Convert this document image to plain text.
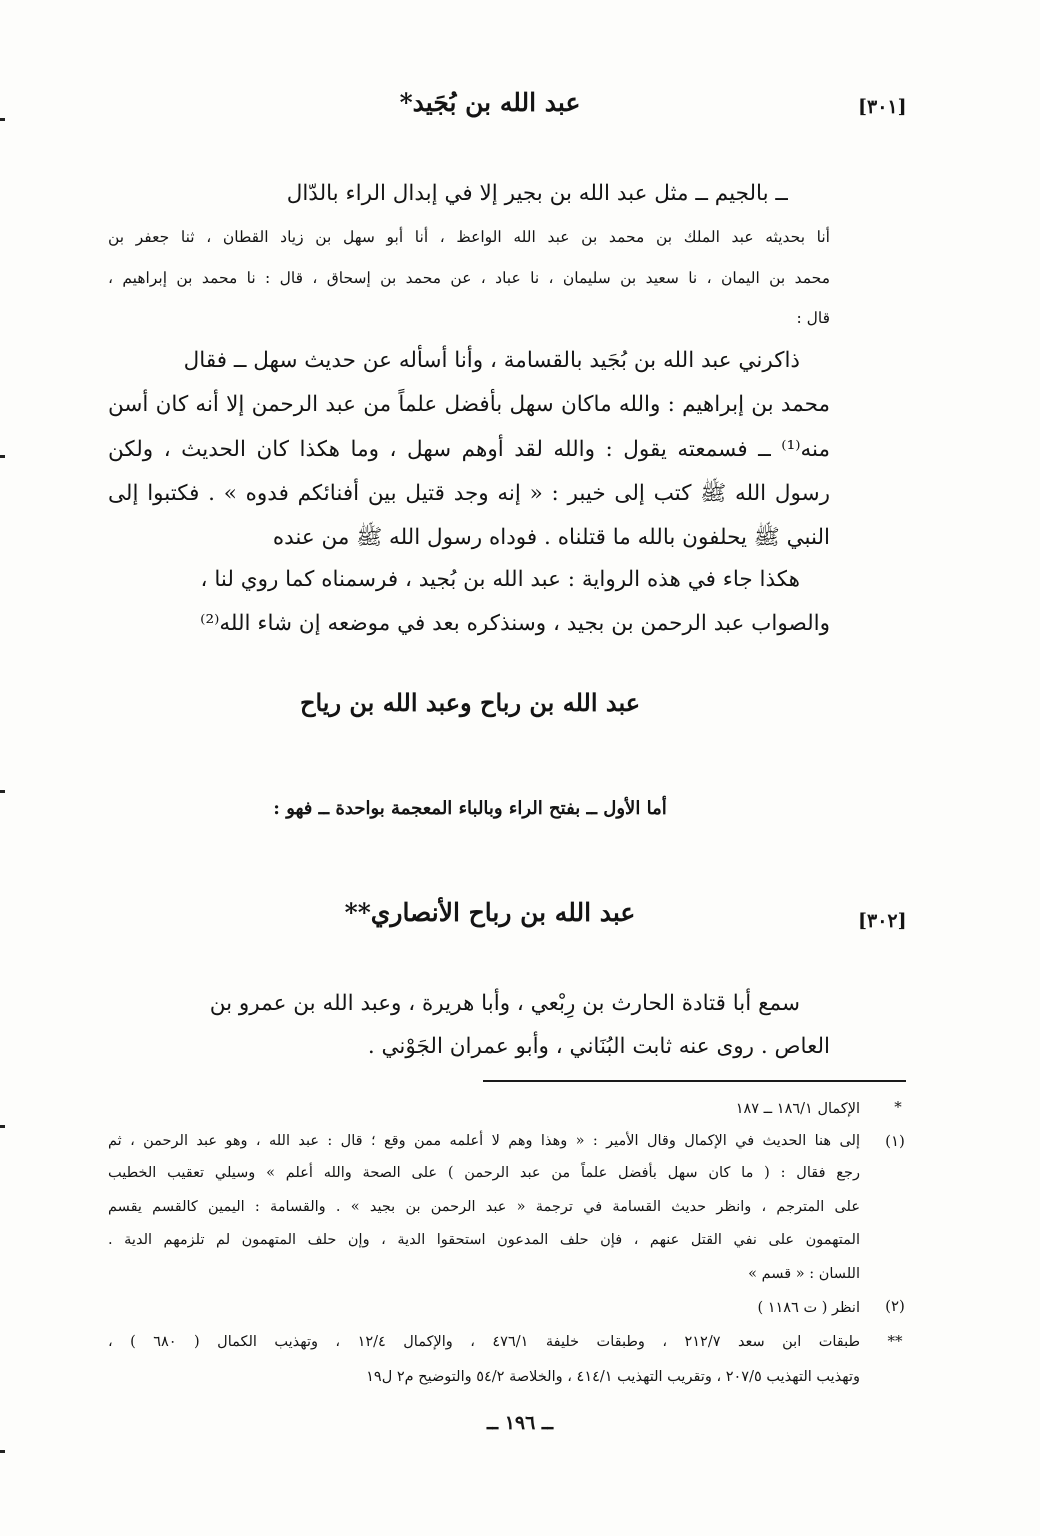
[٣٠١]
عبد الله بن بُجَيد*
ــ بالجيم ــ مثل عبد الله بن بجير إلا في إبدال الراء بالدّال
أنا بحديثه عبد الملك بن محمد بن عبد الله الواعظ ، أنا أبو سهل بن زياد القطان ، ثنا جعفر بن
محمد بن اليمان ، نا سعيد بن سليمان ، نا عباد ، عن محمد بن إسحاق ، قال : نا محمد بن إبراهيم ،
قال :
ذاكرني عبد الله بن بُجَيد بالقسامة ، وأنا أسأله عن حديث سهل ــ فقال
محمد بن إبراهيم : والله ماكان سهل بأفضل علماً من عبد الرحمن إلا أنه كان أسن
منه⁽¹⁾ ــ فسمعته يقول : والله لقد أوهم سهل ، وما هكذا كان الحديث ، ولكن
رسول الله ﷺ كتب إلى خيبر : « إنه وجد قتيل بين أفنائكم فدوه » . فكتبوا إلى
النبي ﷺ يحلفون بالله ما قتلناه . فوداه رسول الله ﷺ من عنده
هكذا جاء في هذه الرواية : عبد الله بن بُجيد ، فرسمناه كما روي لنا ،
والصواب عبد الرحمن بن بجيد ، وسنذكره بعد في موضعه إن شاء الله⁽²⁾
عبد الله بن رباح وعبد الله بن رياح
أما الأول ــ بفتح الراء وبالباء المعجمة بواحدة ــ فهو :
[٣٠٢]
عبد الله بن رباح الأنصاري**
سمع أبا قتادة الحارث بن رِبْعي ، وأبا هريرة ، وعبد الله بن عمرو بن
العاص . روى عنه ثابت البُنَاني ، وأبو عمران الجَوْني .
*
الإكمال ١٨٦/١ ــ ١٨٧
(١)
إلى هنا الحديث في الإكمال وقال الأمير : « وهذا وهم لا أعلمه ممن وقع ؛ قال : عبد الله ، وهو عبد الرحمن ، ثم
رجع فقال : ( ما كان سهل بأفضل علماً من عبد الرحمن ) على الصحة والله أعلم » وسيلي تعقيب الخطيب
على المترجم ، وانظر حديث القسامة في ترجمة « عبد الرحمن بن بجيد » . والقسامة : اليمين كالقسم يقسم
المتهمون على نفي القتل عنهم ، فإن حلف المدعون استحقوا الدية ، وإن حلف المتهمون لم تلزمهم الدية .
اللسان : « قسم »
(٢)
انظر ( ت ١١٨٦ )
**
طبقات ابن سعد ٢١٢/٧ ، وطبقات خليفة ٤٧٦/١ ، والإكمال ١٢/٤ ، وتهذيب الكمال ( ٦٨٠ ) ،
وتهذيب التهذيب ٢٠٧/٥ ، وتقريب التهذيب ٤١٤/١ ، والخلاصة ٥٤/٢ والتوضيح م٢ ل١٩
ــ ١٩٦ ــ
